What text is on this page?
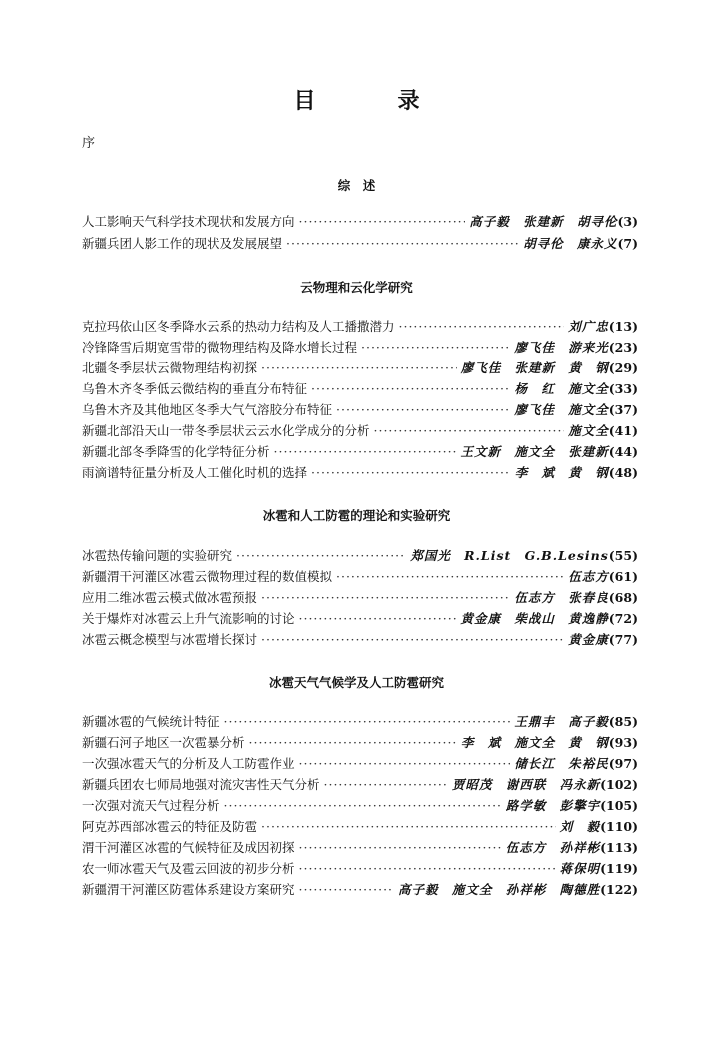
目　录
序
综　述
人工影响天气科学技术现状和发展方向 ·····	高子毅 张建新 胡寻伦 (3)
新疆兵团人影工作的现状及发展展望 ·····	胡寻伦 康永义 (7)
云物理和云化学研究
克拉玛依山区冬季降水云系的热动力结构及人工播撒潜力 ·····	刘广忠 (13)
冷锋降雪后期宽雪带的微物理结构及降水增长过程 ·····	廖飞佳 游来光 (23)
北疆冬季层状云微物理结构初探 ·····	廖飞佳 张建新 黄 钢 (29)
乌鲁木齐冬季低云微结构的垂直分布特征 ·····	杨 红 施文全 (33)
乌鲁木齐及其他地区冬季大气气溶胶分布特征 ·····	廖飞佳 施文全 (37)
新疆北部沿天山一带冬季层状云云水化学成分的分析 ·····	施文全 (41)
新疆北部冬季降雪的化学特征分析 ·····	王文新 施文全 张建新 (44)
雨滴谱特征量分析及人工催化时机的选择 ·····	李 斌 黄 钢 (48)
冰雹和人工防雹的理论和实验研究
冰雹热传输问题的实验研究 ·····	郑国光 R.List G.B.Lesins (55)
新疆渭干河灌区冰雹云微物理过程的数值模拟 ·····	伍志方 (61)
应用二维冰雹云模式做冰雹预报 ·····	伍志方 张春良 (68)
关于爆炸对冰雹云上升气流影响的讨论 ·····	黄金康 柴战山 黄逸静 (72)
冰雹云概念模型与冰雹增长探讨 ·····	黄金康 (77)
冰雹天气气候学及人工防雹研究
新疆冰雹的气候统计特征 ·····	王鼎丰 高子毅 (85)
新疆石河子地区一次雹暴分析 ·····	李 斌 施文全 黄 钢 (93)
一次强冰雹天气的分析及人工防雹作业 ·····	储长江 朱裕民 (97)
新疆兵团农七师局地强对流灾害性天气分析 ·····	贾昭茂 谢西联 冯永新 (102)
一次强对流天气过程分析 ·····	路学敏 彭擎宇 (105)
阿克苏西部冰雹云的特征及防雹 ·····	刘 毅 (110)
渭干河灌区冰雹的气候特征及成因初探 ·····	伍志方 孙祥彬 (113)
农一师冰雹天气及雹云回波的初步分析 ·····	蒋保明 (119)
新疆渭干河灌区防雹体系建设方案研究 ·····	高子毅 施文全 孙祥彬 陶德胜 (122)
